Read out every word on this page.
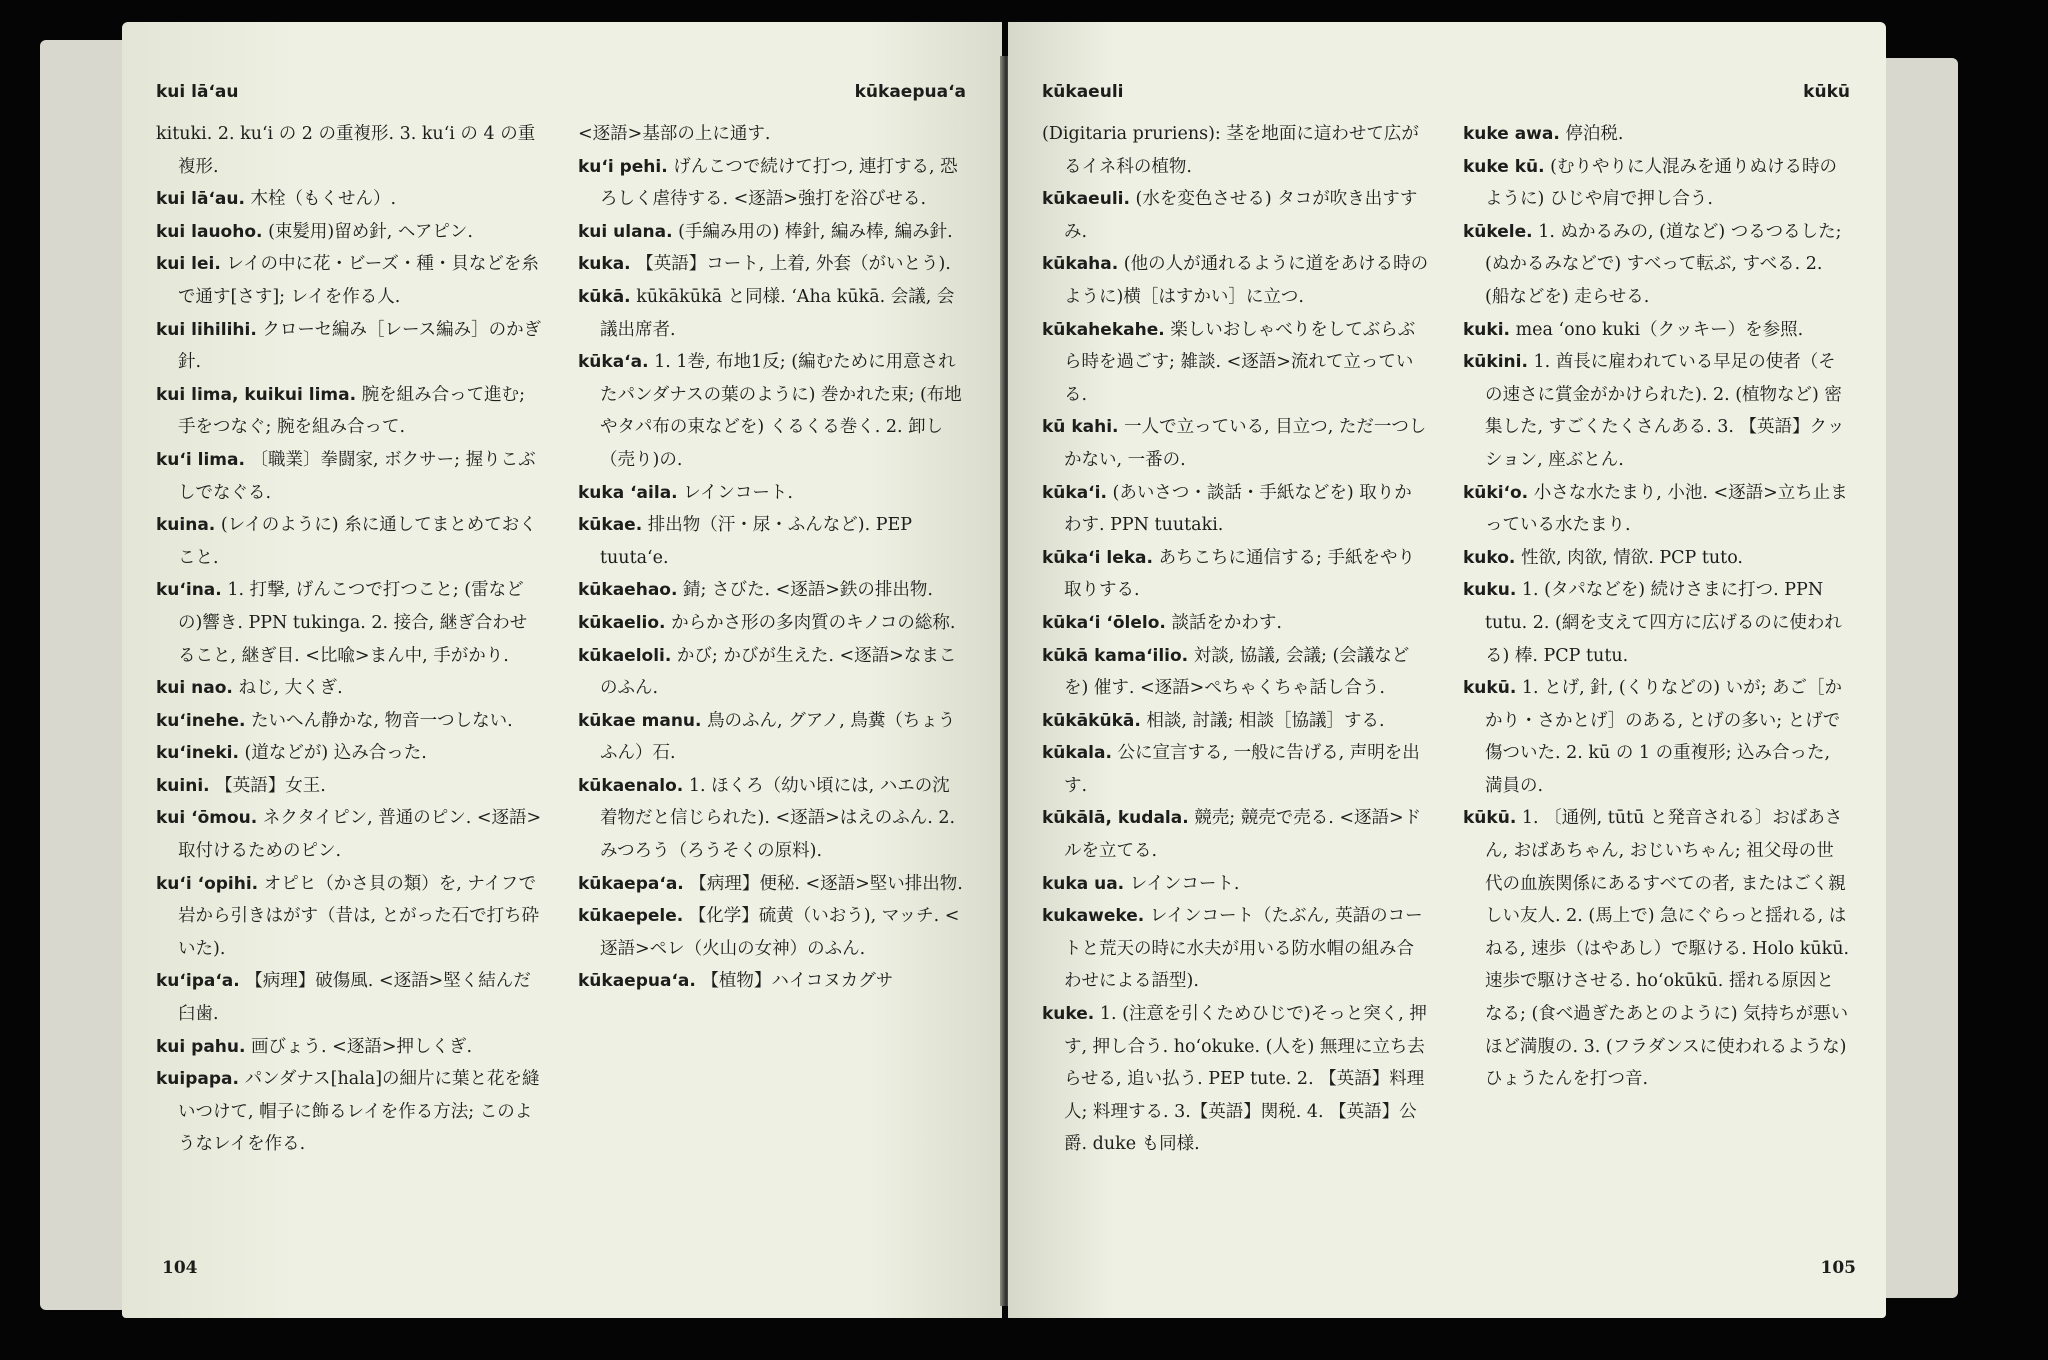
kui lāʻau	kūkaepuaʻa
kituki. 2. kuʻi の 2 の重複形. 3. kuʻi の 4 の重複形.
kui lāʻau. 木栓（もくせん）.
kui lauoho. (束髪用)留め針, ヘアピン.
kui lei. レイの中に花・ビーズ・種・貝などを糸で通す[さす]; レイを作る人.
kui lihilihi. クローセ編み［レース編み］のかぎ針.
kui lima, kuikui lima. 腕を組み合って進む; 手をつなぐ; 腕を組み合って.
kuʻi lima. 〔職業〕拳闘家, ボクサー; 握りこぶしでなぐる.
kuina. (レイのように) 糸に通してまとめておくこと.
kuʻina. 1. 打撃, げんこつで打つこと; (雷などの)響き. PPN tukinga. 2. 接合, 継ぎ合わせること, 継ぎ目. <比喩>まん中, 手がかり.
kui nao. ねじ, 大くぎ.
kuʻinehe. たいへん静かな, 物音一つしない.
kuʻineki. (道などが) 込み合った.
kuini. 【英語】女王.
kui ʻōmou. ネクタイピン, 普通のピン. <逐語>取付けるためのピン.
kuʻi ʻopihi. オピヒ（かさ貝の類）を, ナイフで岩から引きはがす（昔は, とがった石で打ち砕いた).
kuʻipaʻa. 【病理】破傷風. <逐語>堅く結んだ臼歯.
kui pahu. 画びょう. <逐語>押しくぎ.
kuipapa. パンダナス[hala]の細片に葉と花を縫いつけて, 帽子に飾るレイを作る方法; このようなレイを作る.
<逐語>基部の上に通す.
kuʻi pehi. げんこつで続けて打つ, 連打する, 恐ろしく虐待する. <逐語>強打を浴びせる.
kui ulana. (手編み用の) 棒針, 編み棒, 編み針.
kuka. 【英語】コート, 上着, 外套（がいとう).
kūkā. kūkākūkā と同様. ʻAha kūkā. 会議, 会議出席者.
kūkaʻa. 1. 1巻, 布地1反; (編むために用意されたパンダナスの葉のように) 巻かれた束; (布地やタパ布の束などを) くるくる巻く. 2. 卸し（売り)の.
kuka ʻaila. レインコート.
kūkae. 排出物（汗・尿・ふんなど). PEP tuutaʻe.
kūkaehao. 錆; さびた. <逐語>鉄の排出物.
kūkaelio. からかさ形の多肉質のキノコの総称.
kūkaeloli. かび; かびが生えた. <逐語>なまこのふん.
kūkae manu. 鳥のふん, グアノ, 鳥糞（ちょうふん）石.
kūkaenalo. 1. ほくろ（幼い頃には, ハエの沈着物だと信じられた). <逐語>はえのふん. 2. みつろう（ろうそくの原料).
kūkaepaʻa. 【病理】便秘. <逐語>堅い排出物.
kūkaepele. 【化学】硫黄（いおう), マッチ. <逐語>ペレ（火山の女神）のふん.
kūkaepuaʻa. 【植物】ハイコヌカグサ
104
kūkaeuli	kūkū
(Digitaria pruriens): 茎を地面に這わせて広がるイネ科の植物.
kūkaeuli. (水を変色させる) タコが吹き出すすみ.
kūkaha. (他の人が通れるように道をあける時のように)横［はすかい］に立つ.
kūkahekahe. 楽しいおしゃべりをしてぶらぶら時を過ごす; 雑談. <逐語>流れて立っている.
kū kahi. 一人で立っている, 目立つ, ただ一つしかない, 一番の.
kūkaʻi. (あいさつ・談話・手紙などを) 取りかわす. PPN tuutaki.
kūkaʻi leka. あちこちに通信する; 手紙をやり取りする.
kūkaʻi ʻōlelo. 談話をかわす.
kūkā kamaʻilio. 対談, 協議, 会議; (会議などを) 催す. <逐語>ぺちゃくちゃ話し合う.
kūkākūkā. 相談, 討議; 相談［協議］する.
kūkala. 公に宣言する, 一般に告げる, 声明を出す.
kūkālā, kudala. 競売; 競売で売る. <逐語>ドルを立てる.
kuka ua. レインコート.
kukaweke. レインコート（たぶん, 英語のコートと荒天の時に水夫が用いる防水帽の組み合わせによる語型).
kuke. 1. (注意を引くためひじで)そっと突く, 押す, 押し合う. hoʻokuke. (人を) 無理に立ち去らせる, 追い払う. PEP tute. 2. 【英語】料理人; 料理する. 3.【英語】関税. 4. 【英語】公爵. duke も同様.
kuke awa. 停泊税.
kuke kū. (むりやりに人混みを通りぬける時のように) ひじや肩で押し合う.
kūkele. 1. ぬかるみの, (道など) つるつるした; (ぬかるみなどで) すべって転ぶ, すべる. 2. (船などを) 走らせる.
kuki. mea ʻono kuki（クッキー）を参照.
kūkini. 1. 酋長に雇われている早足の使者（その速さに賞金がかけられた). 2. (植物など) 密集した, すごくたくさんある. 3. 【英語】クッション, 座ぶとん.
kūkiʻo. 小さな水たまり, 小池. <逐語>立ち止まっている水たまり.
kuko. 性欲, 肉欲, 情欲. PCP tuto.
kuku. 1. (タパなどを) 続けさまに打つ. PPN tutu. 2. (網を支えて四方に広げるのに使われる) 棒. PCP tutu.
kukū. 1. とげ, 針, (くりなどの) いが; あご［かかり・さかとげ］のある, とげの多い; とげで傷ついた. 2. kū の 1 の重複形; 込み合った, 満員の.
kūkū. 1. 〔通例, tūtū と発音される〕おばあさん, おばあちゃん, おじいちゃん; 祖父母の世代の血族関係にあるすべての者, またはごく親しい友人. 2. (馬上で) 急にぐらっと揺れる, はねる, 速歩（はやあし）で駆ける. Holo kūkū. 速歩で駆けさせる. hoʻokūkū. 揺れる原因となる; (食べ過ぎたあとのように) 気持ちが悪いほど満腹の. 3. (フラダンスに使われるような) ひょうたんを打つ音.
105
